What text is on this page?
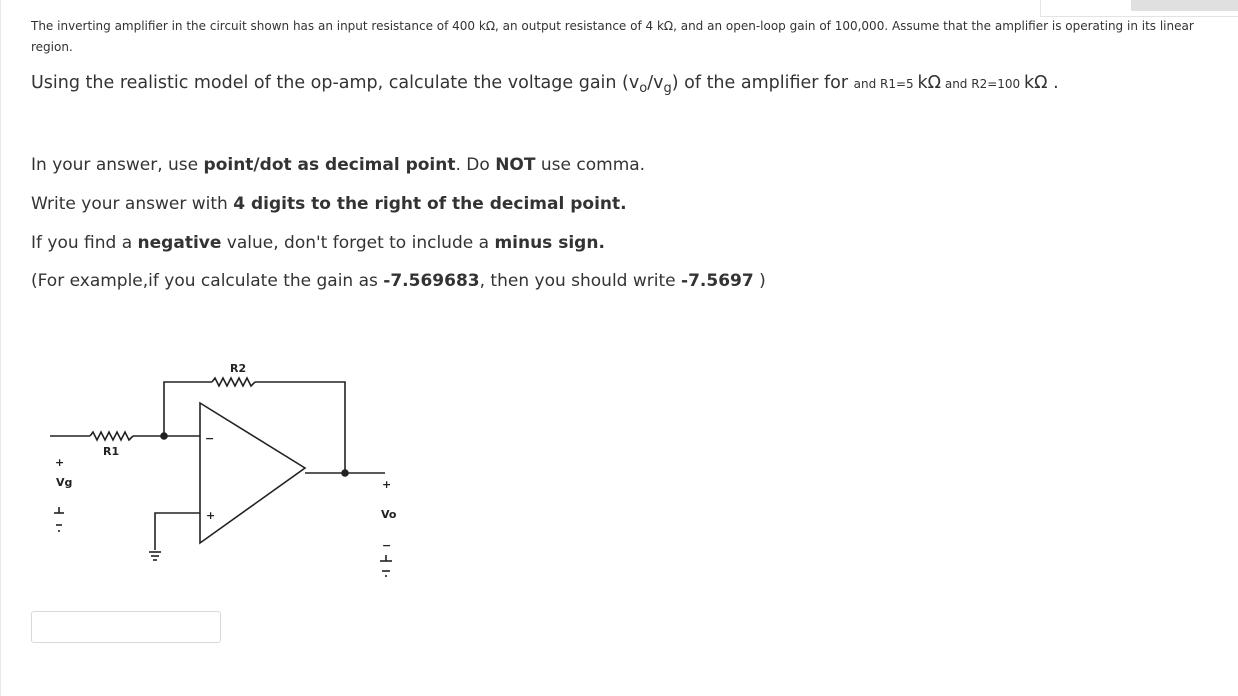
The inverting amplifier in the circuit shown has an input resistance of 400 kΩ, an output resistance of 4 kΩ, and an open-loop gain of 100,000. Assume that the amplifier is operating in its linear region.

Using the realistic model of the op-amp, calculate the voltage gain $(v_o/v_g)$ of the amplifier for and R1=5 kΩ and R2=100 kΩ .

In your answer, use point/dot as decimal point. Do NOT use comma.

Write your answer with 4 digits to the right of the decimal point.

If you find a negative value, don't forget to include a minus sign.

(For example,if you calculate the gain as -7.569683, then you should write -7.5697 )

R2
R1
+
Vg	+
Vo
−
−
+
